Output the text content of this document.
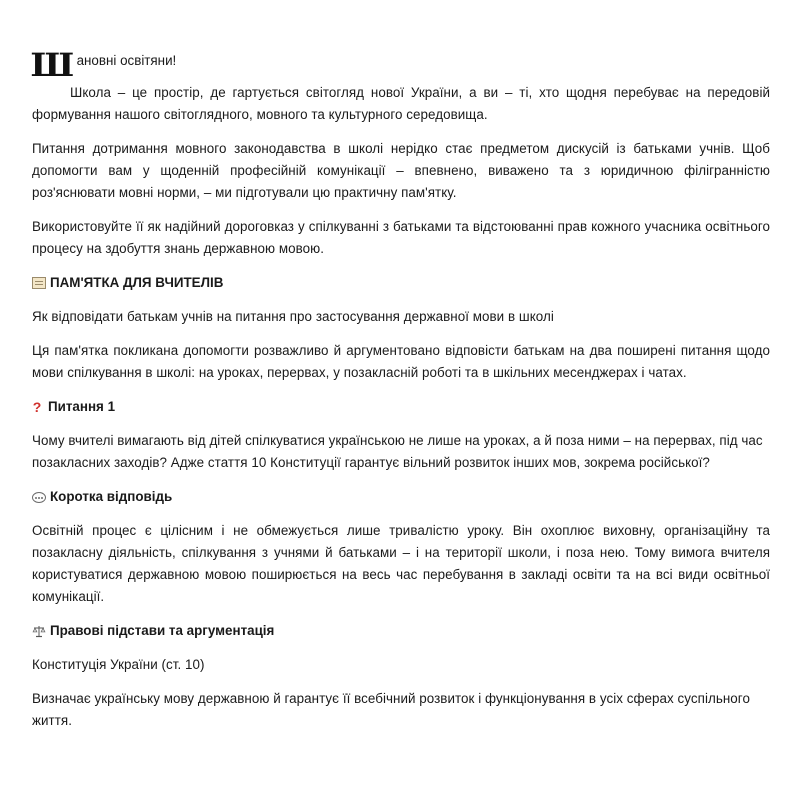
Ш ановні освітяни!

Школа – це простір, де гартується світогляд нової України, а ви – ті, хто щодня перебуває на передовій формування нашого світоглядного, мовного та культурного середовища.

Питання дотримання мовного законодавства в школі нерідко стає предметом дискусій із батьками учнів. Щоб допомогти вам у щоденній професійній комунікації – впевнено, виважено та з юридичною філігранністю роз'яснювати мовні норми, – ми підготували цю практичну пам'ятку.

Використовуйте її як надійний дороговказ у спілкуванні з батьками та відстоюванні прав кожного учасника освітнього процесу на здобуття знань державною мовою.

ПАМ'ЯТКА ДЛЯ ВЧИТЕЛІВ

Як відповідати батькам учнів на питання про застосування державної мови в школі

Ця пам'ятка покликана допомогти розважливо й аргументовано відповісти батькам на два поширені питання щодо мови спілкування в школі: на уроках, перервах, у позакласній роботі та в шкільних месенджерах і чатах.

? Питання 1

Чому вчителі вимагають від дітей спілкуватися українською не лише на уроках, а й поза ними – на перервах, під час позакласних заходів? Адже стаття 10 Конституції гарантує вільний розвиток інших мов, зокрема російської?

Коротка відповідь

Освітній процес є цілісним і не обмежується лише тривалістю уроку. Він охоплює виховну, організаційну та позакласну діяльність, спілкування з учнями й батьками – і на території школи, і поза нею. Тому вимога вчителя користуватися державною мовою поширюється на весь час перебування в закладі освіти та на всі види освітньої комунікації.

Правові підстави та аргументація

Конституція України (ст. 10)

Визначає українську мову державною й гарантує її всебічний розвиток і функціонування в усіх сферах суспільного життя.
